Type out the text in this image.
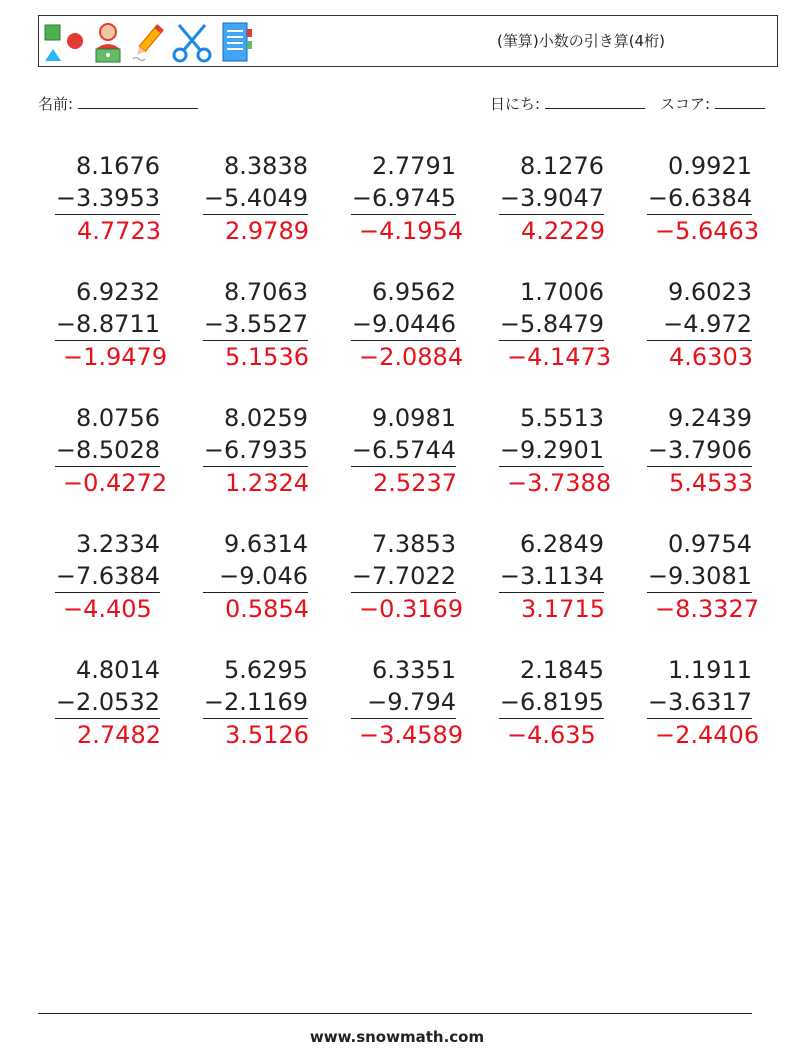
(筆算)小数の引き算(4桁)
名前:	日にち:	スコア:
8.1676
−3.3953
4.7723
8.3838
−5.4049
2.9789
2.7791
−6.9745
−4.1954
8.1276
−3.9047
4.2229
0.9921
−6.6384
−5.6463
6.9232
−8.8711
−1.9479
8.7063
−3.5527
5.1536
6.9562
−9.0446
−2.0884
1.7006
−5.8479
−4.1473
9.6023
−4.972
4.6303
8.0756
−8.5028
−0.4272
8.0259
−6.7935
1.2324
9.0981
−6.5744
2.5237
5.5513
−9.2901
−3.7388
9.2439
−3.7906
5.4533
3.2334
−7.6384
−4.405
9.6314
−9.046
0.5854
7.3853
−7.7022
−0.3169
6.2849
−3.1134
3.1715
0.9754
−9.3081
−8.3327
4.8014
−2.0532
2.7482
5.6295
−2.1169
3.5126
6.3351
−9.794
−3.4589
2.1845
−6.8195
−4.635
1.1911
−3.6317
−2.4406
www.snowmath.com
